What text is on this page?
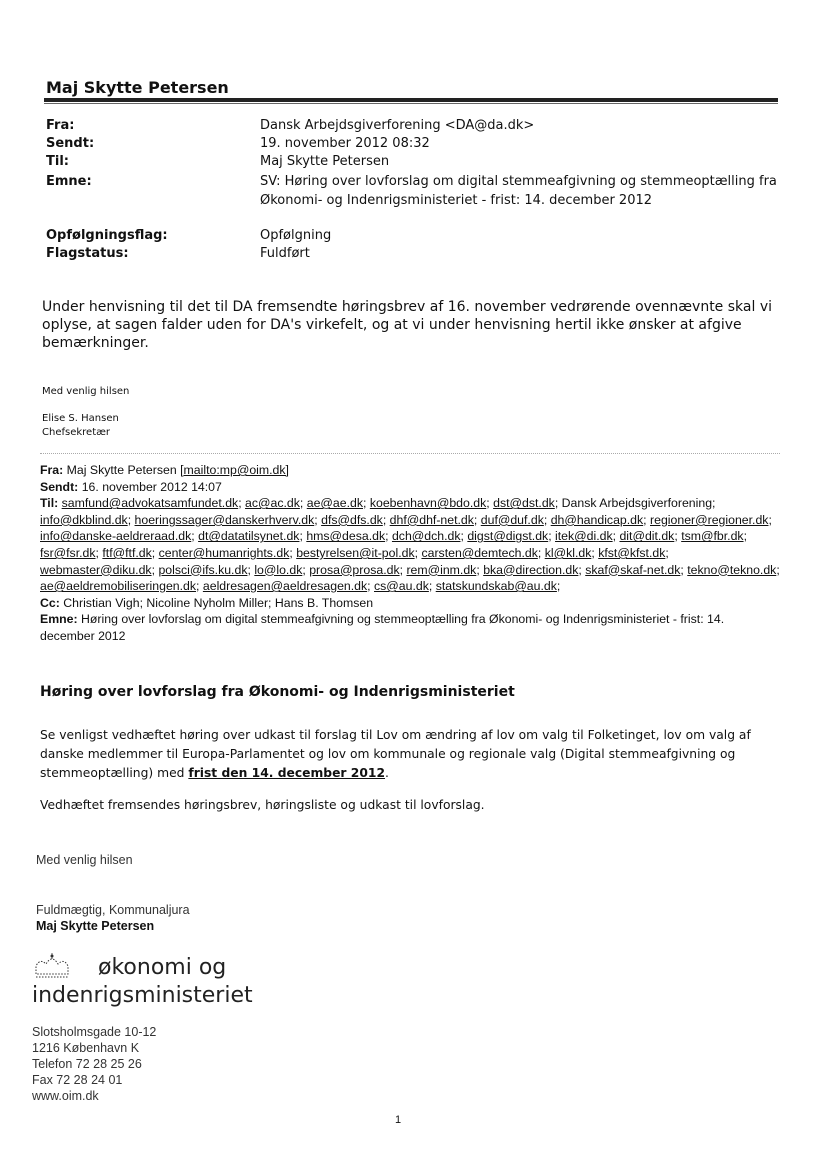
Maj Skytte Petersen
Fra:	Dansk Arbejdsgiverforening <DA@da.dk>
Sendt:	19. november 2012 08:32
Til:	Maj Skytte Petersen
Emne:	SV: Høring over lovforslag om digital stemmeafgivning og stemmeoptælling fra Økonomi- og Indenrigsministeriet - frist: 14. december 2012
Opfølgningsflag:	Opfølgning
Flagstatus:	Fuldført
Under henvisning til det til DA fremsendte høringsbrev af 16. november vedrørende ovennævnte skal vi oplyse, at sagen falder uden for DA's virkefelt, og at vi under henvisning hertil ikke ønsker at afgive bemærkninger.
Med venlig hilsen
Elise S. Hansen
Chefsekretær
Fra: Maj Skytte Petersen [mailto:mp@oim.dk]
Sendt: 16. november 2012 14:07
Til: samfund@advokatsamfundet.dk; ac@ac.dk; ae@ae.dk; koebenhavn@bdo.dk; dst@dst.dk; Dansk Arbejdsgiverforening; info@dkblind.dk; hoeringssager@danskerhverv.dk; dfs@dfs.dk; dhf@dhf-net.dk; duf@duf.dk; dh@handicap.dk; regioner@regioner.dk; info@danske-aeldreraad.dk; dt@datatilsynet.dk; hms@desa.dk; dch@dch.dk; digst@digst.dk; itek@di.dk; dit@dit.dk; tsm@fbr.dk; fsr@fsr.dk; ftf@ftf.dk; center@humanrights.dk; bestyrelsen@it-pol.dk; carsten@demtech.dk; kl@kl.dk; kfst@kfst.dk; webmaster@diku.dk; polsci@ifs.ku.dk; lo@lo.dk; prosa@prosa.dk; rem@inm.dk; bka@direction.dk; skaf@skaf-net.dk; tekno@tekno.dk; ae@aeldremobiliseringen.dk; aeldresagen@aeldresagen.dk; cs@au.dk; statskundskab@au.dk;
Cc: Christian Vigh; Nicoline Nyholm Miller; Hans B. Thomsen
Emne: Høring over lovforslag om digital stemmeafgivning og stemmeoptælling fra Økonomi- og Indenrigsministeriet - frist: 14. december 2012
Høring over lovforslag fra Økonomi- og Indenrigsministeriet
Se venligst vedhæftet høring over udkast til forslag til Lov om ændring af lov om valg til Folketinget, lov om valg af danske medlemmer til Europa-Parlamentet og lov om kommunale og regionale valg (Digital stemmeafgivning og stemmeoptælling) med frist den 14. december 2012.
Vedhæftet fremsendes høringsbrev, høringsliste og udkast til lovforslag.
Med venlig hilsen
Fuldmægtig, Kommunaljura
Maj Skytte Petersen
økonomi og
indenrigsministeriet
Slotsholmsgade 10-12
1216 København K
Telefon 72 28 25 26
Fax 72 28 24 01
www.oim.dk
1
